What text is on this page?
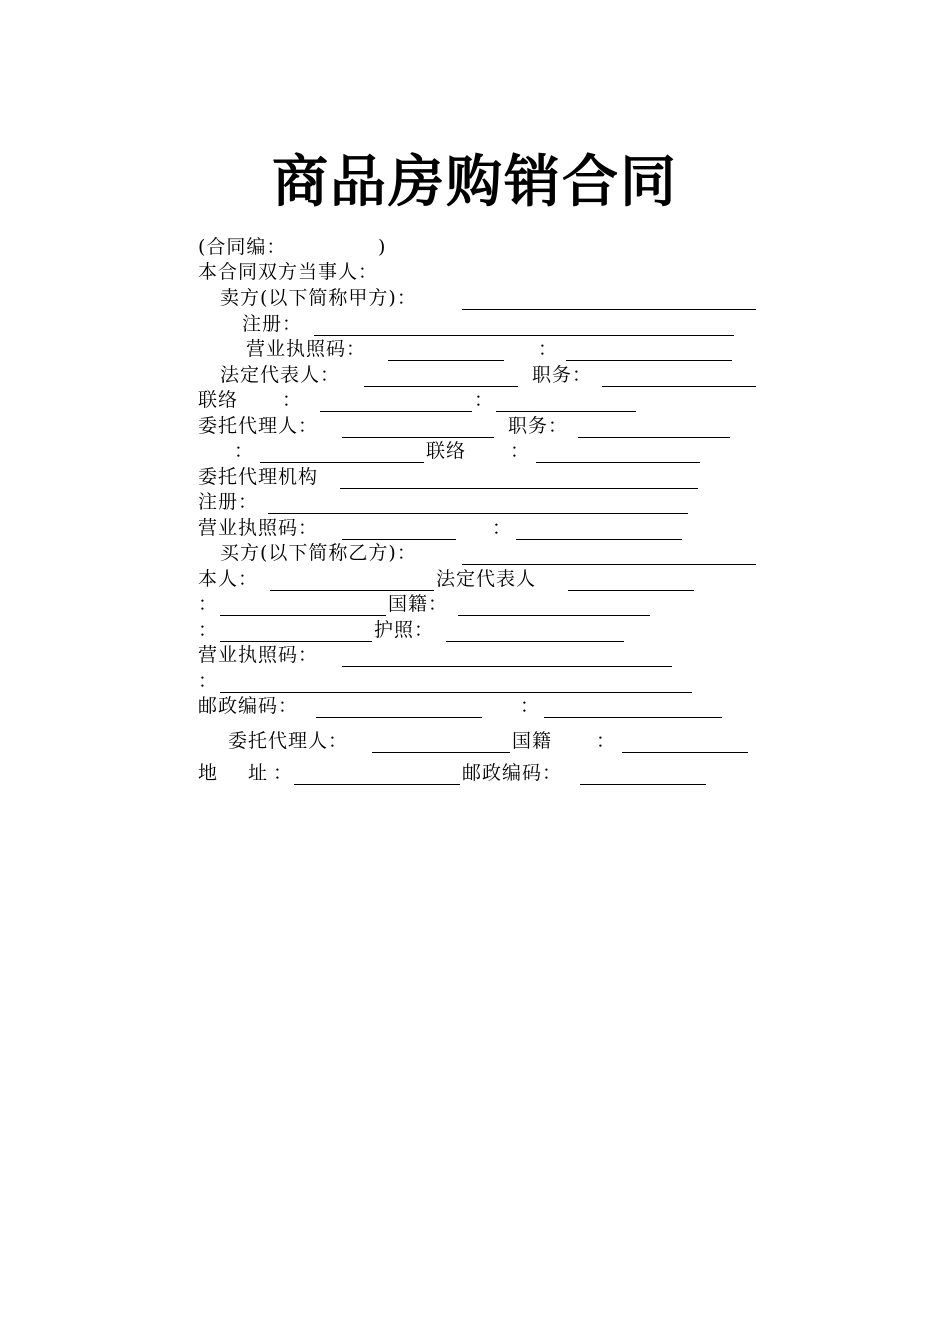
商品房购销合同
(合同编：	)
本合同双方当事人：
卖方(以下简称甲方)：
注册：
营业执照码：	：
法定代表人：	职务：
联络 ：	：
委托代理人：	职务：
：	联络 ：
委托代理机构
注册：
营业执照码：	：
买方(以下简称乙方)：
本人：	法定代表人
：	国籍：
：	护照：
营业执照码：
：
邮政编码：	：
委托代理人：	国籍 ：
地　址：	邮政编码：
